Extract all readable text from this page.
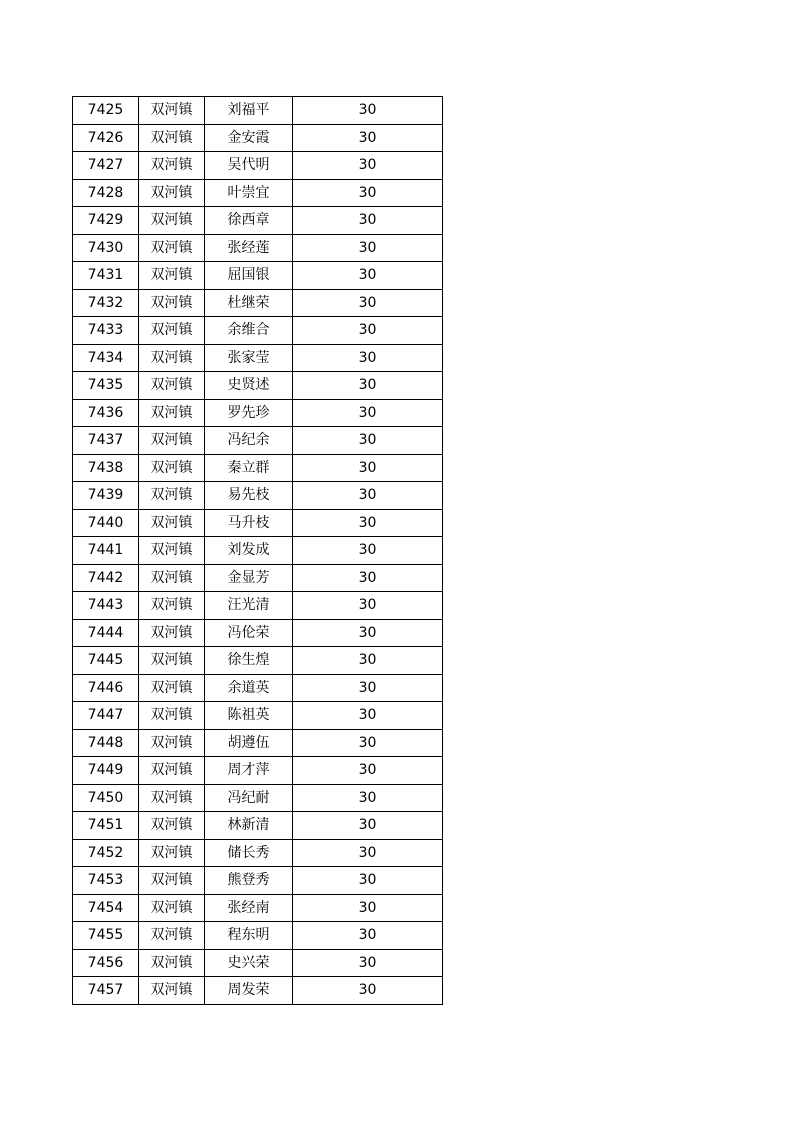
7425	双河镇	刘福平	30
7426	双河镇	金安霞	30
7427	双河镇	吴代明	30
7428	双河镇	叶崇宜	30
7429	双河镇	徐西章	30
7430	双河镇	张经莲	30
7431	双河镇	屈国银	30
7432	双河镇	杜继荣	30
7433	双河镇	余维合	30
7434	双河镇	张家莹	30
7435	双河镇	史贤述	30
7436	双河镇	罗先珍	30
7437	双河镇	冯纪余	30
7438	双河镇	秦立群	30
7439	双河镇	易先枝	30
7440	双河镇	马升枝	30
7441	双河镇	刘发成	30
7442	双河镇	金显芳	30
7443	双河镇	汪光清	30
7444	双河镇	冯伦荣	30
7445	双河镇	徐生煌	30
7446	双河镇	余道英	30
7447	双河镇	陈祖英	30
7448	双河镇	胡遵伍	30
7449	双河镇	周才萍	30
7450	双河镇	冯纪耐	30
7451	双河镇	林新清	30
7452	双河镇	储长秀	30
7453	双河镇	熊登秀	30
7454	双河镇	张经南	30
7455	双河镇	程东明	30
7456	双河镇	史兴荣	30
7457	双河镇	周发荣	30
